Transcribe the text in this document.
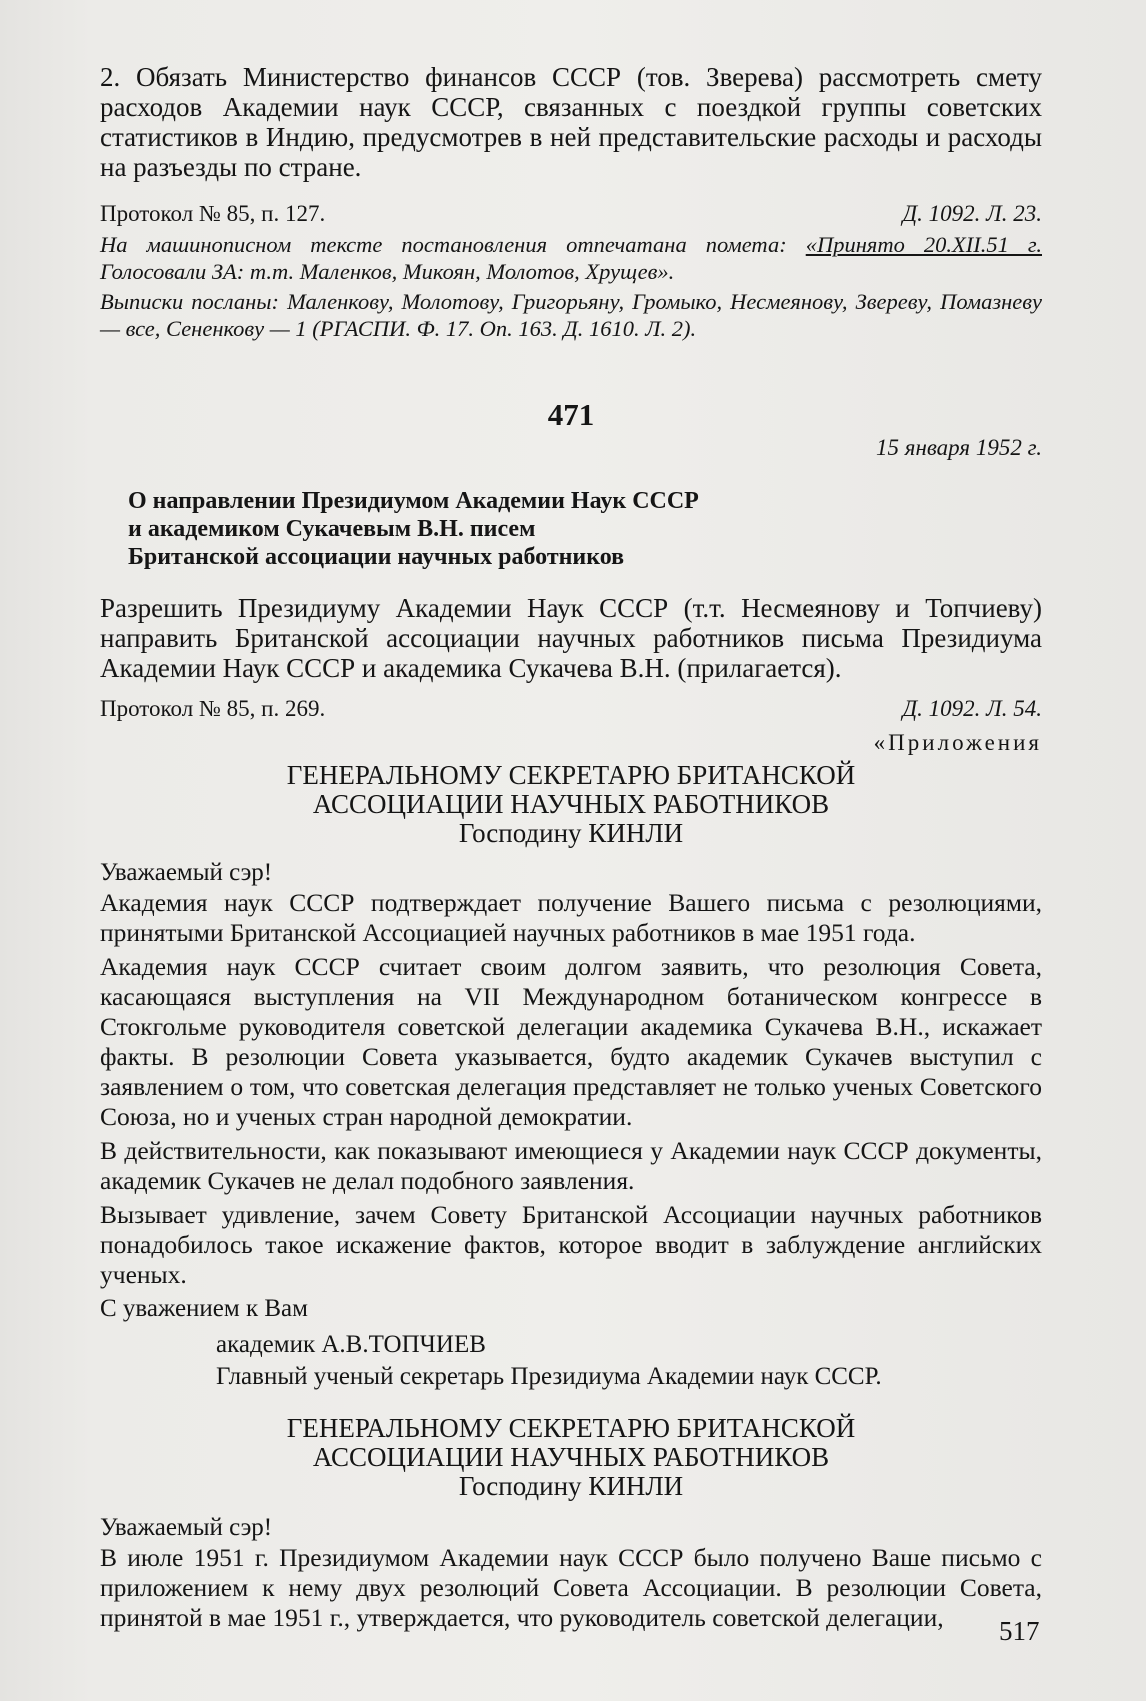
2. Обязать Министерство финансов СССР (тов. Зверева) рассмотреть смету расходов Академии наук СССР, связанных с поездкой группы советских статистиков в Индию, предусмотрев в ней представительские расходы и расходы на разъезды по стране.

Протокол № 85, п. 127.	Д. 1092. Л. 23.

На машинописном тексте постановления отпечатана помета: «Принято 20.XII.51 г. Голосовали ЗА: т.т. Маленков, Микоян, Молотов, Хрущев».

Выписки посланы: Маленкову, Молотову, Григорьяну, Громыко, Несмеянову, Звереву, Помазневу — все, Сененкову — 1 (РГАСПИ. Ф. 17. Оп. 163. Д. 1610. Л. 2).

471
15 января 1952 г.

О направлении Президиумом Академии Наук СССР

и академиком Сукачевым В.Н. писем

Британской ассоциации научных работников

Разрешить Президиуму Академии Наук СССР (т.т. Несмеянову и Топчиеву) направить Британской ассоциации научных работников письма Президиума Академии Наук СССР и академика Сукачева В.Н. (прилагается).

Протокол № 85, п. 269.	Д. 1092. Л. 54.
«Приложения

ГЕНЕРАЛЬНОМУ СЕКРЕТАРЮ БРИТАНСКОЙ

АССОЦИАЦИИ НАУЧНЫХ РАБОТНИКОВ

Господину КИНЛИ

Уважаемый сэр!

Академия наук СССР подтверждает получение Вашего письма с резолюциями, принятыми Британской Ассоциацией научных работников в мае 1951 года.

Академия наук СССР считает своим долгом заявить, что резолюция Совета, касающаяся выступления на VII Международном ботаническом конгрессе в Стокгольме руководителя советской делегации академика Сукачева В.Н., искажает факты. В резолюции Совета указывается, будто академик Сукачев выступил с заявлением о том, что советская делегация представляет не только ученых Советского Союза, но и ученых стран народной демократии.

В действительности, как показывают имеющиеся у Академии наук СССР документы, академик Сукачев не делал подобного заявления.

Вызывает удивление, зачем Совету Британской Ассоциации научных работников понадобилось такое искажение фактов, которое вводит в заблуждение английских ученых.

С уважением к Вам

академик А.В.ТОПЧИЕВ

Главный ученый секретарь Президиума Академии наук СССР.

ГЕНЕРАЛЬНОМУ СЕКРЕТАРЮ БРИТАНСКОЙ

АССОЦИАЦИИ НАУЧНЫХ РАБОТНИКОВ

Господину КИНЛИ

Уважаемый сэр!

В июле 1951 г. Президиумом Академии наук СССР было получено Ваше письмо с приложением к нему двух резолюций Совета Ассоциации. В резолюции Совета, принятой в мае 1951 г., утверждается, что руководитель советской делегации,	517
